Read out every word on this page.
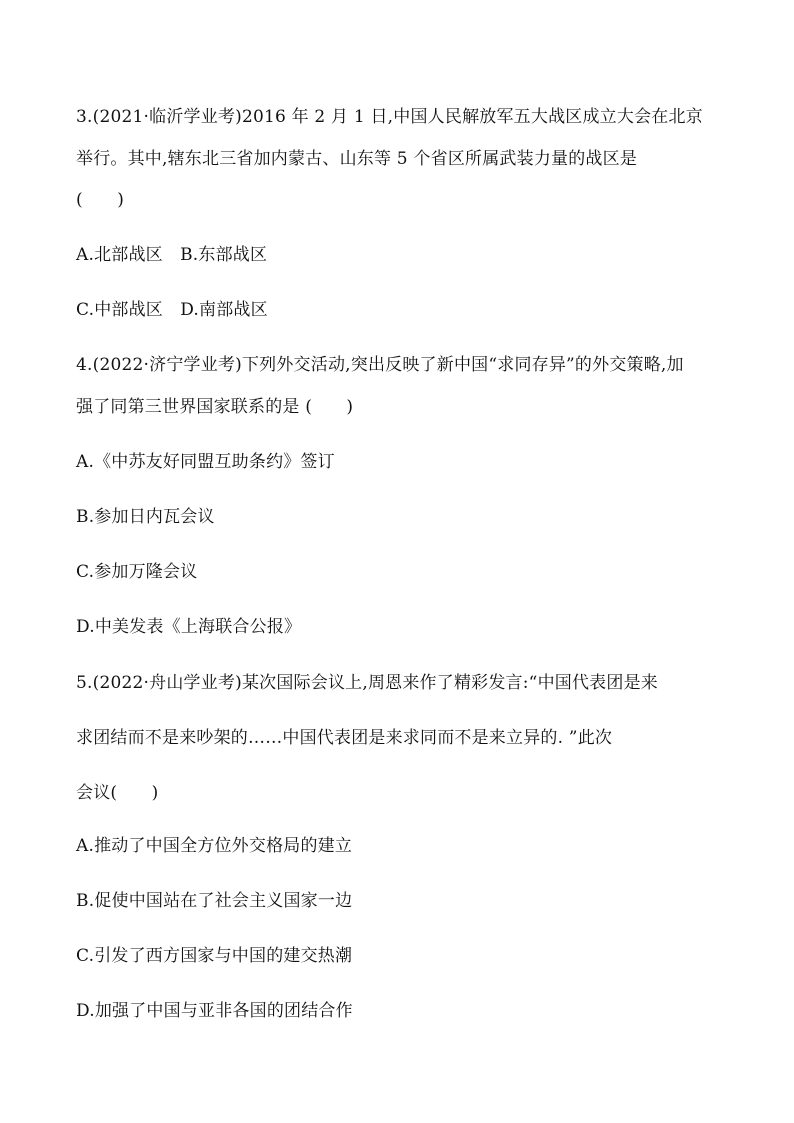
3.(2021·临沂学业考)2016 年 2 月 1 日,中国人民解放军五大战区成立大会在北京
举行。其中,辖东北三省加内蒙古、山东等 5 个省区所属武装力量的战区是
(　　)
A.北部战区　B.东部战区
C.中部战区　D.南部战区
4.(2022·济宁学业考)下列外交活动,突出反映了新中国“求同存异”的外交策略,加
强了同第三世界国家联系的是 (　　)
A.《中苏友好同盟互助条约》签订
B.参加日内瓦会议
C.参加万隆会议
D.中美发表《上海联合公报》
5.(2022·舟山学业考)某次国际会议上,周恩来作了精彩发言:“中国代表团是来
求团结而不是来吵架的……中国代表团是来求同而不是来立异的. ”此次
会议(　　)
A.推动了中国全方位外交格局的建立
B.促使中国站在了社会主义国家一边
C.引发了西方国家与中国的建交热潮
D.加强了中国与亚非各国的团结合作
